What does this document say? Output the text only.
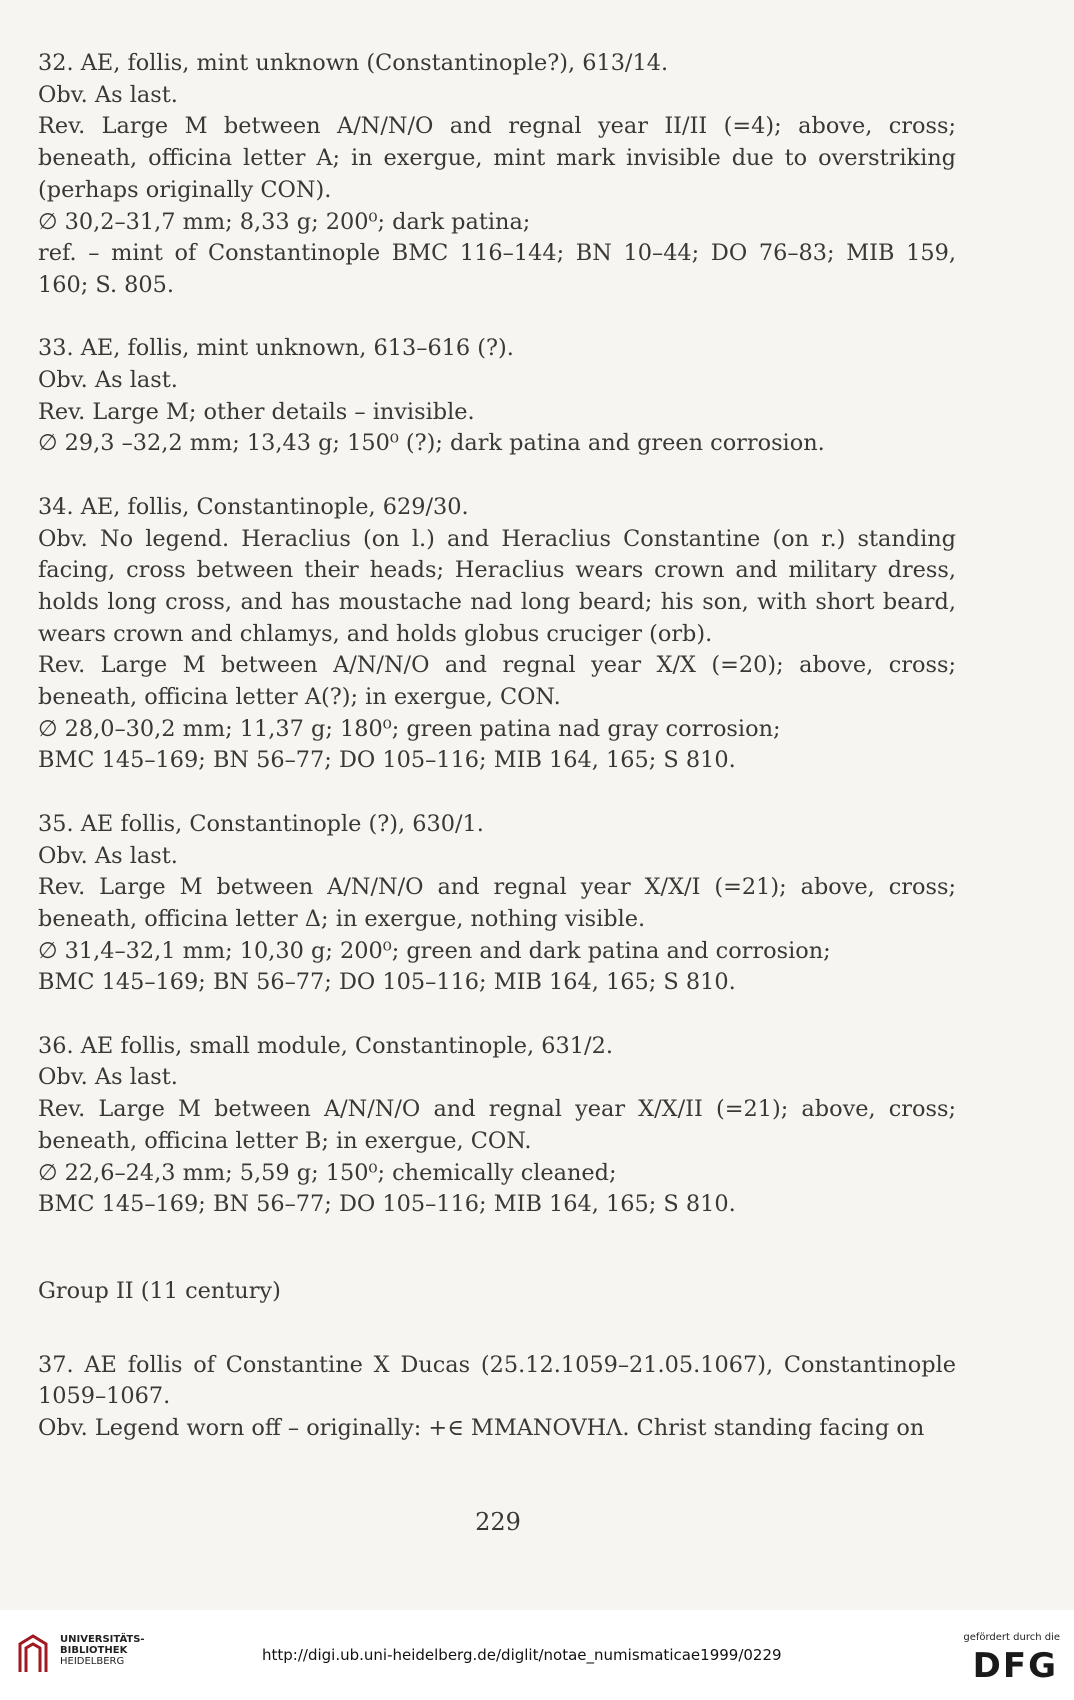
32. AE, follis, mint unknown (Constantinople?), 613/14.

Obv. As last.

Rev. Large M between A/N/N/O and regnal year II/II (=4); above, cross; beneath, officina letter A; in exergue, mint mark invisible due to overstriking (perhaps originally CON).

∅ 30,2–31,7 mm; 8,33 g; 200⁰; dark patina;

ref. – mint of Constantinople BMC 116–144; BN 10–44; DO 76–83; MIB 159, 160; S. 805.

33. AE, follis, mint unknown, 613–616 (?).

Obv. As last.

Rev. Large M; other details – invisible.

∅ 29,3 –32,2 mm; 13,43 g; 150⁰ (?); dark patina and green corrosion.

34. AE, follis, Constantinople, 629/30.

Obv. No legend. Heraclius (on l.) and Heraclius Constantine (on r.) standing facing, cross between their heads; Heraclius wears crown and military dress, holds long cross, and has moustache nad long beard; his son, with short beard, wears crown and chlamys, and holds globus cruciger (orb).

Rev. Large M between A/N/N/O and regnal year X/X (=20); above, cross; beneath, officina letter A(?); in exergue, CON.

∅ 28,0–30,2 mm; 11,37 g; 180⁰; green patina nad gray corrosion;

BMC 145–169; BN 56–77; DO 105–116; MIB 164, 165; S 810.

35. AE follis, Constantinople (?), 630/1.

Obv. As last.

Rev. Large M between A/N/N/O and regnal year X/X/I (=21); above, cross; beneath, officina letter Δ; in exergue, nothing visible.

∅ 31,4–32,1 mm; 10,30 g; 200⁰; green and dark patina and corrosion;

BMC 145–169; BN 56–77; DO 105–116; MIB 164, 165; S 810.

36. AE follis, small module, Constantinople, 631/2.

Obv. As last.

Rev. Large M between A/N/N/O and regnal year X/X/II (=21); above, cross; beneath, officina letter B; in exergue, CON.

∅ 22,6–24,3 mm; 5,59 g; 150⁰; chemically cleaned;

BMC 145–169; BN 56–77; DO 105–116; MIB 164, 165; S 810.

Group II (11 century)

37. AE follis of Constantine X Ducas (25.12.1059–21.05.1067), Constantinople 1059–1067.

Obv. Legend worn off – originally: +∈ MMANOVHΛ. Christ standing facing on

229
UNIVERSITÄTS-
BIBLIOTHEK
HEIDELBERG	http://digi.ub.uni-heidelberg.de/diglit/notae_numismaticae1999/0229
gefördert durch die
DFG
